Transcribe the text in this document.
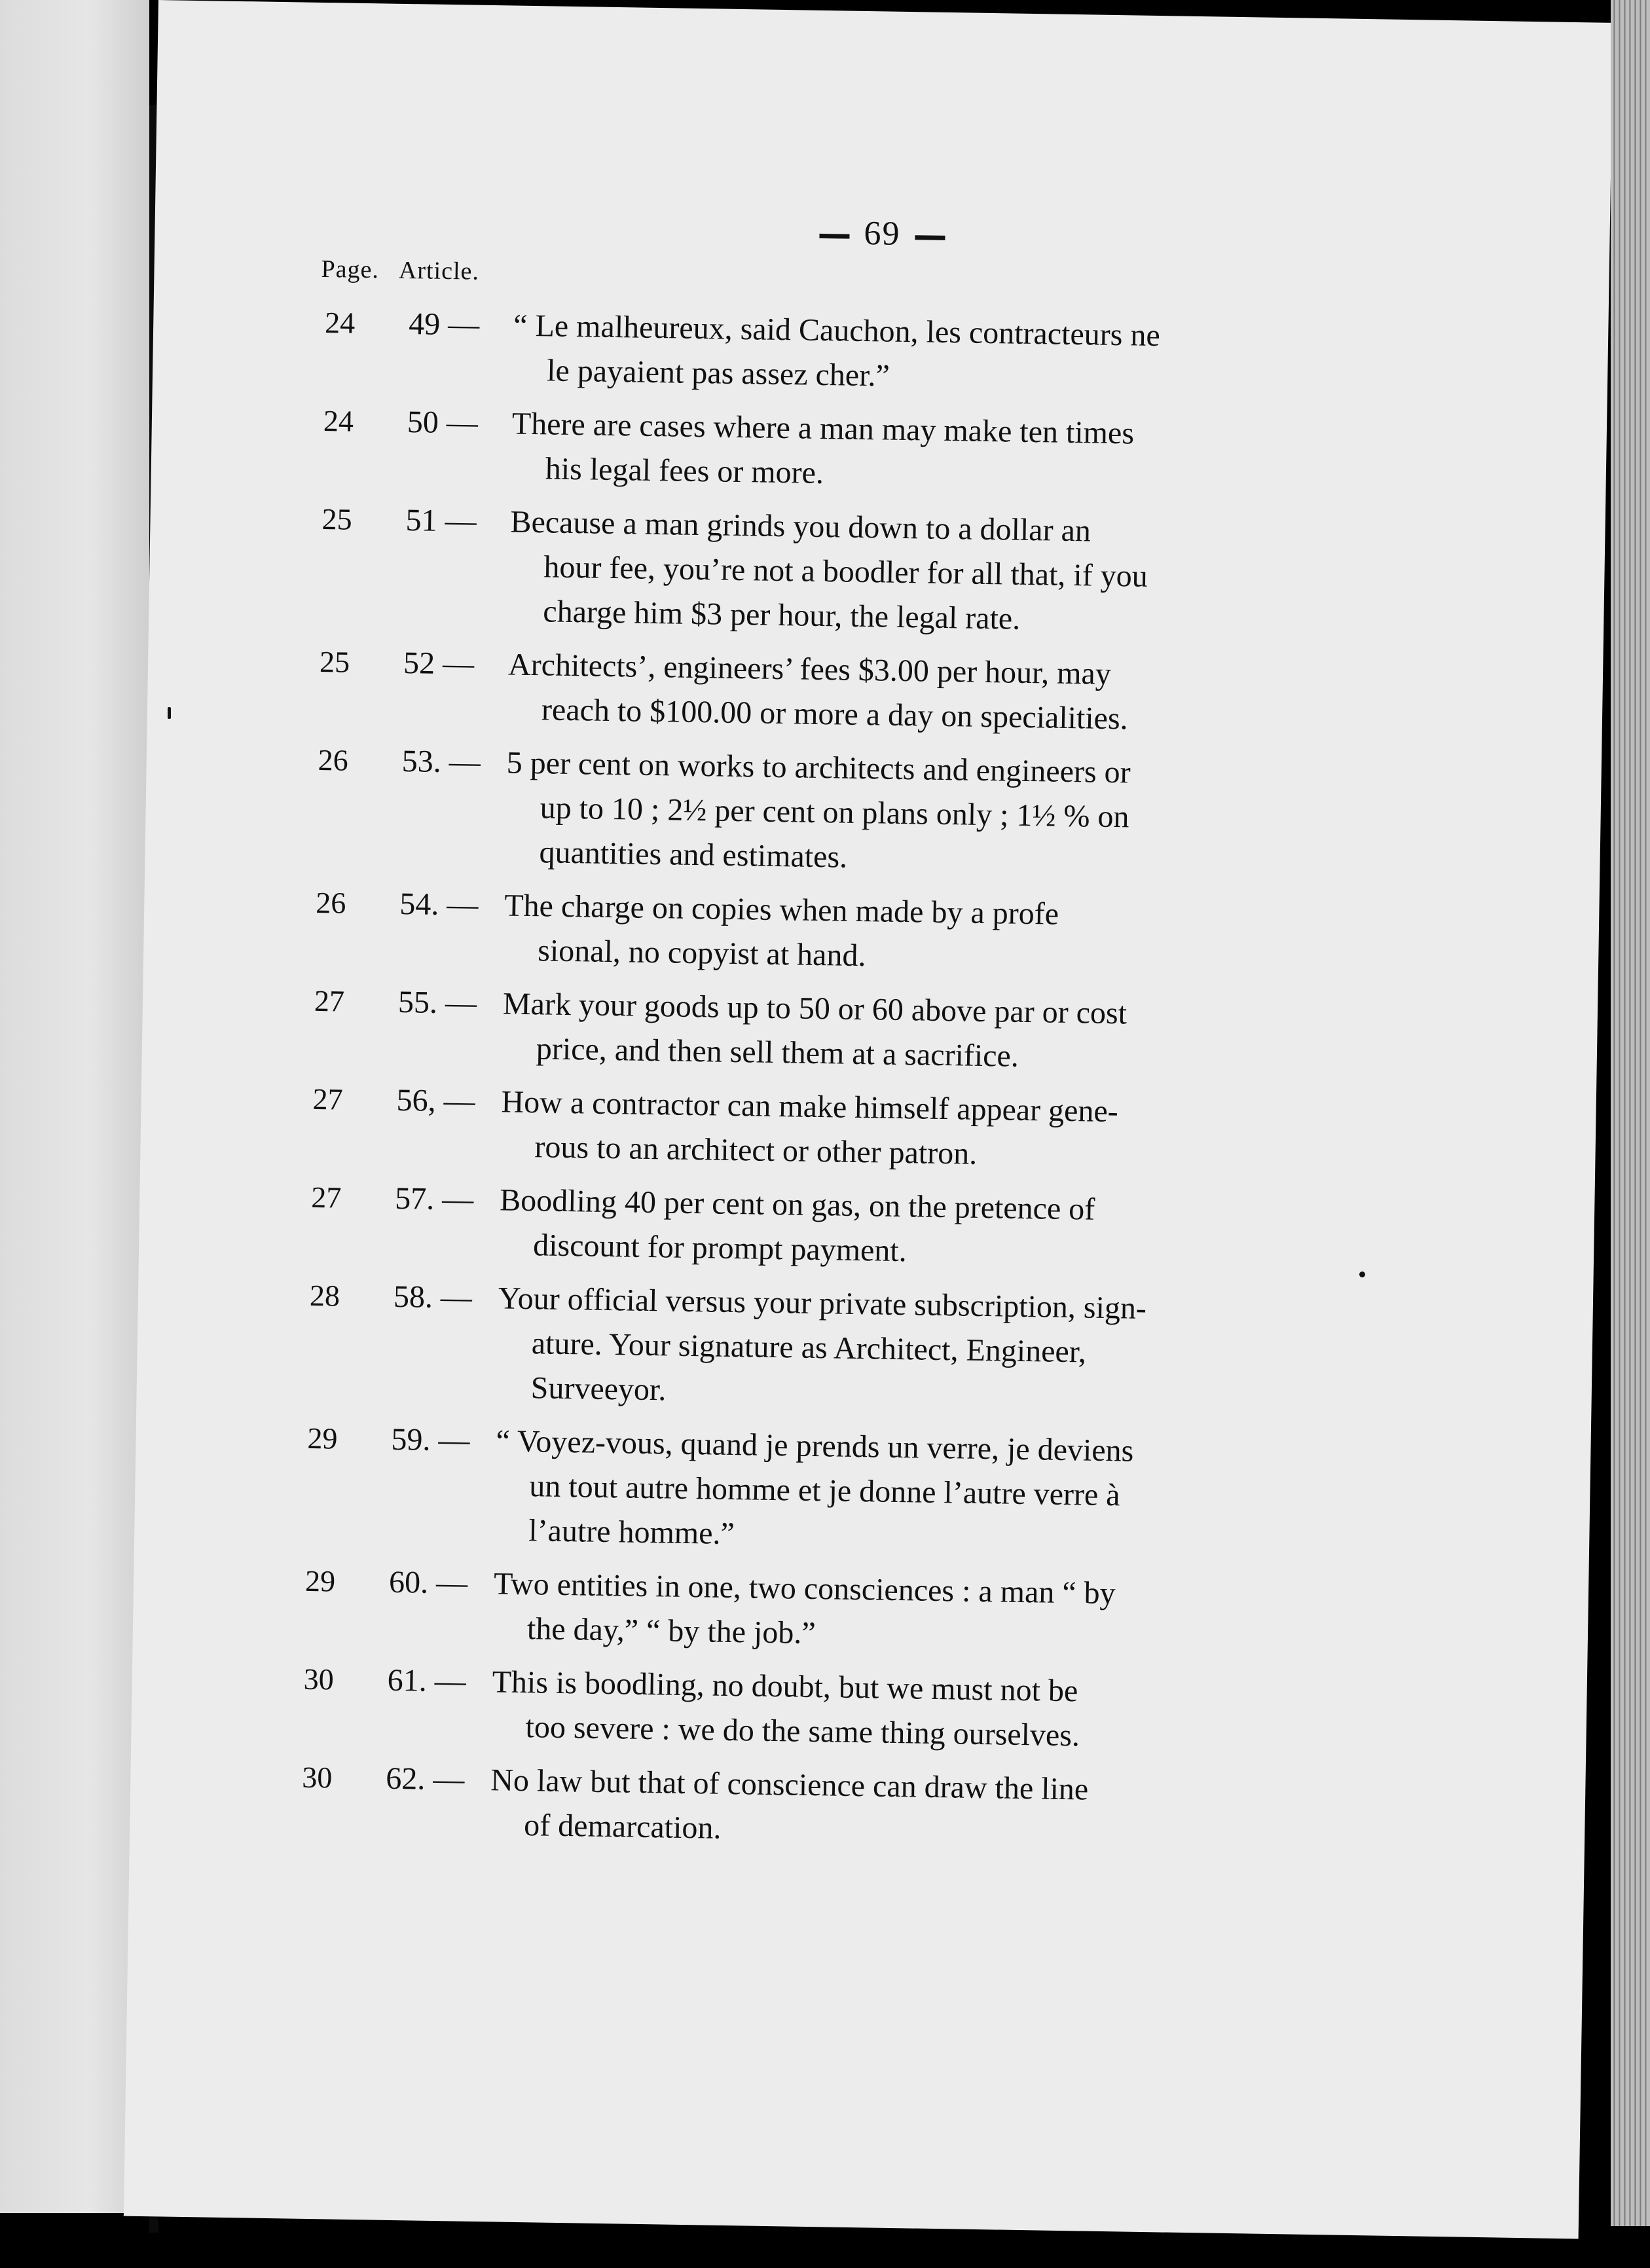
69
Page. Article.
24	49 — “ Le malheureux, said Cauchon, les contracteurs ne
le payaient pas assez cher.”
24	50 — There are cases where a man may make ten times
his legal fees or more.
25	51 — Because a man grinds you down to a dollar an
hour fee, you’re not a boodler for all that, if you
charge him $3 per hour, the legal rate.
25	52 — Architects’, engineers’ fees $3.00 per hour, may
reach to $100.00 or more a day on specialities.
26	53. — 5 per cent on works to architects and engineers or
up to 10 ; 2½ per cent on plans only ; 1½ % on
quantities and estimates.
26	54. — The charge on copies when made by a profe
sional, no copyist at hand.
27	55. — Mark your goods up to 50 or 60 above par or cost
price, and then sell them at a sacrifice.
27	56, — How a contractor can make himself appear gene-
rous to an architect or other patron.
27	57. — Boodling 40 per cent on gas, on the pretence of
discount for prompt payment.
28	58. — Your official versus your private subscription, sign-
ature. Your signature as Architect, Engineer,
Surveeyor.
29	59. — “ Voyez-vous, quand je prends un verre, je deviens
un tout autre homme et je donne l’autre verre à
l’autre homme.”
29	60. — Two entities in one, two consciences : a man “ by
the day,” “ by the job.”
30	61. — This is boodling, no doubt, but we must not be
too severe : we do the same thing ourselves.
30	62. — No law but that of conscience can draw the line
of demarcation.
